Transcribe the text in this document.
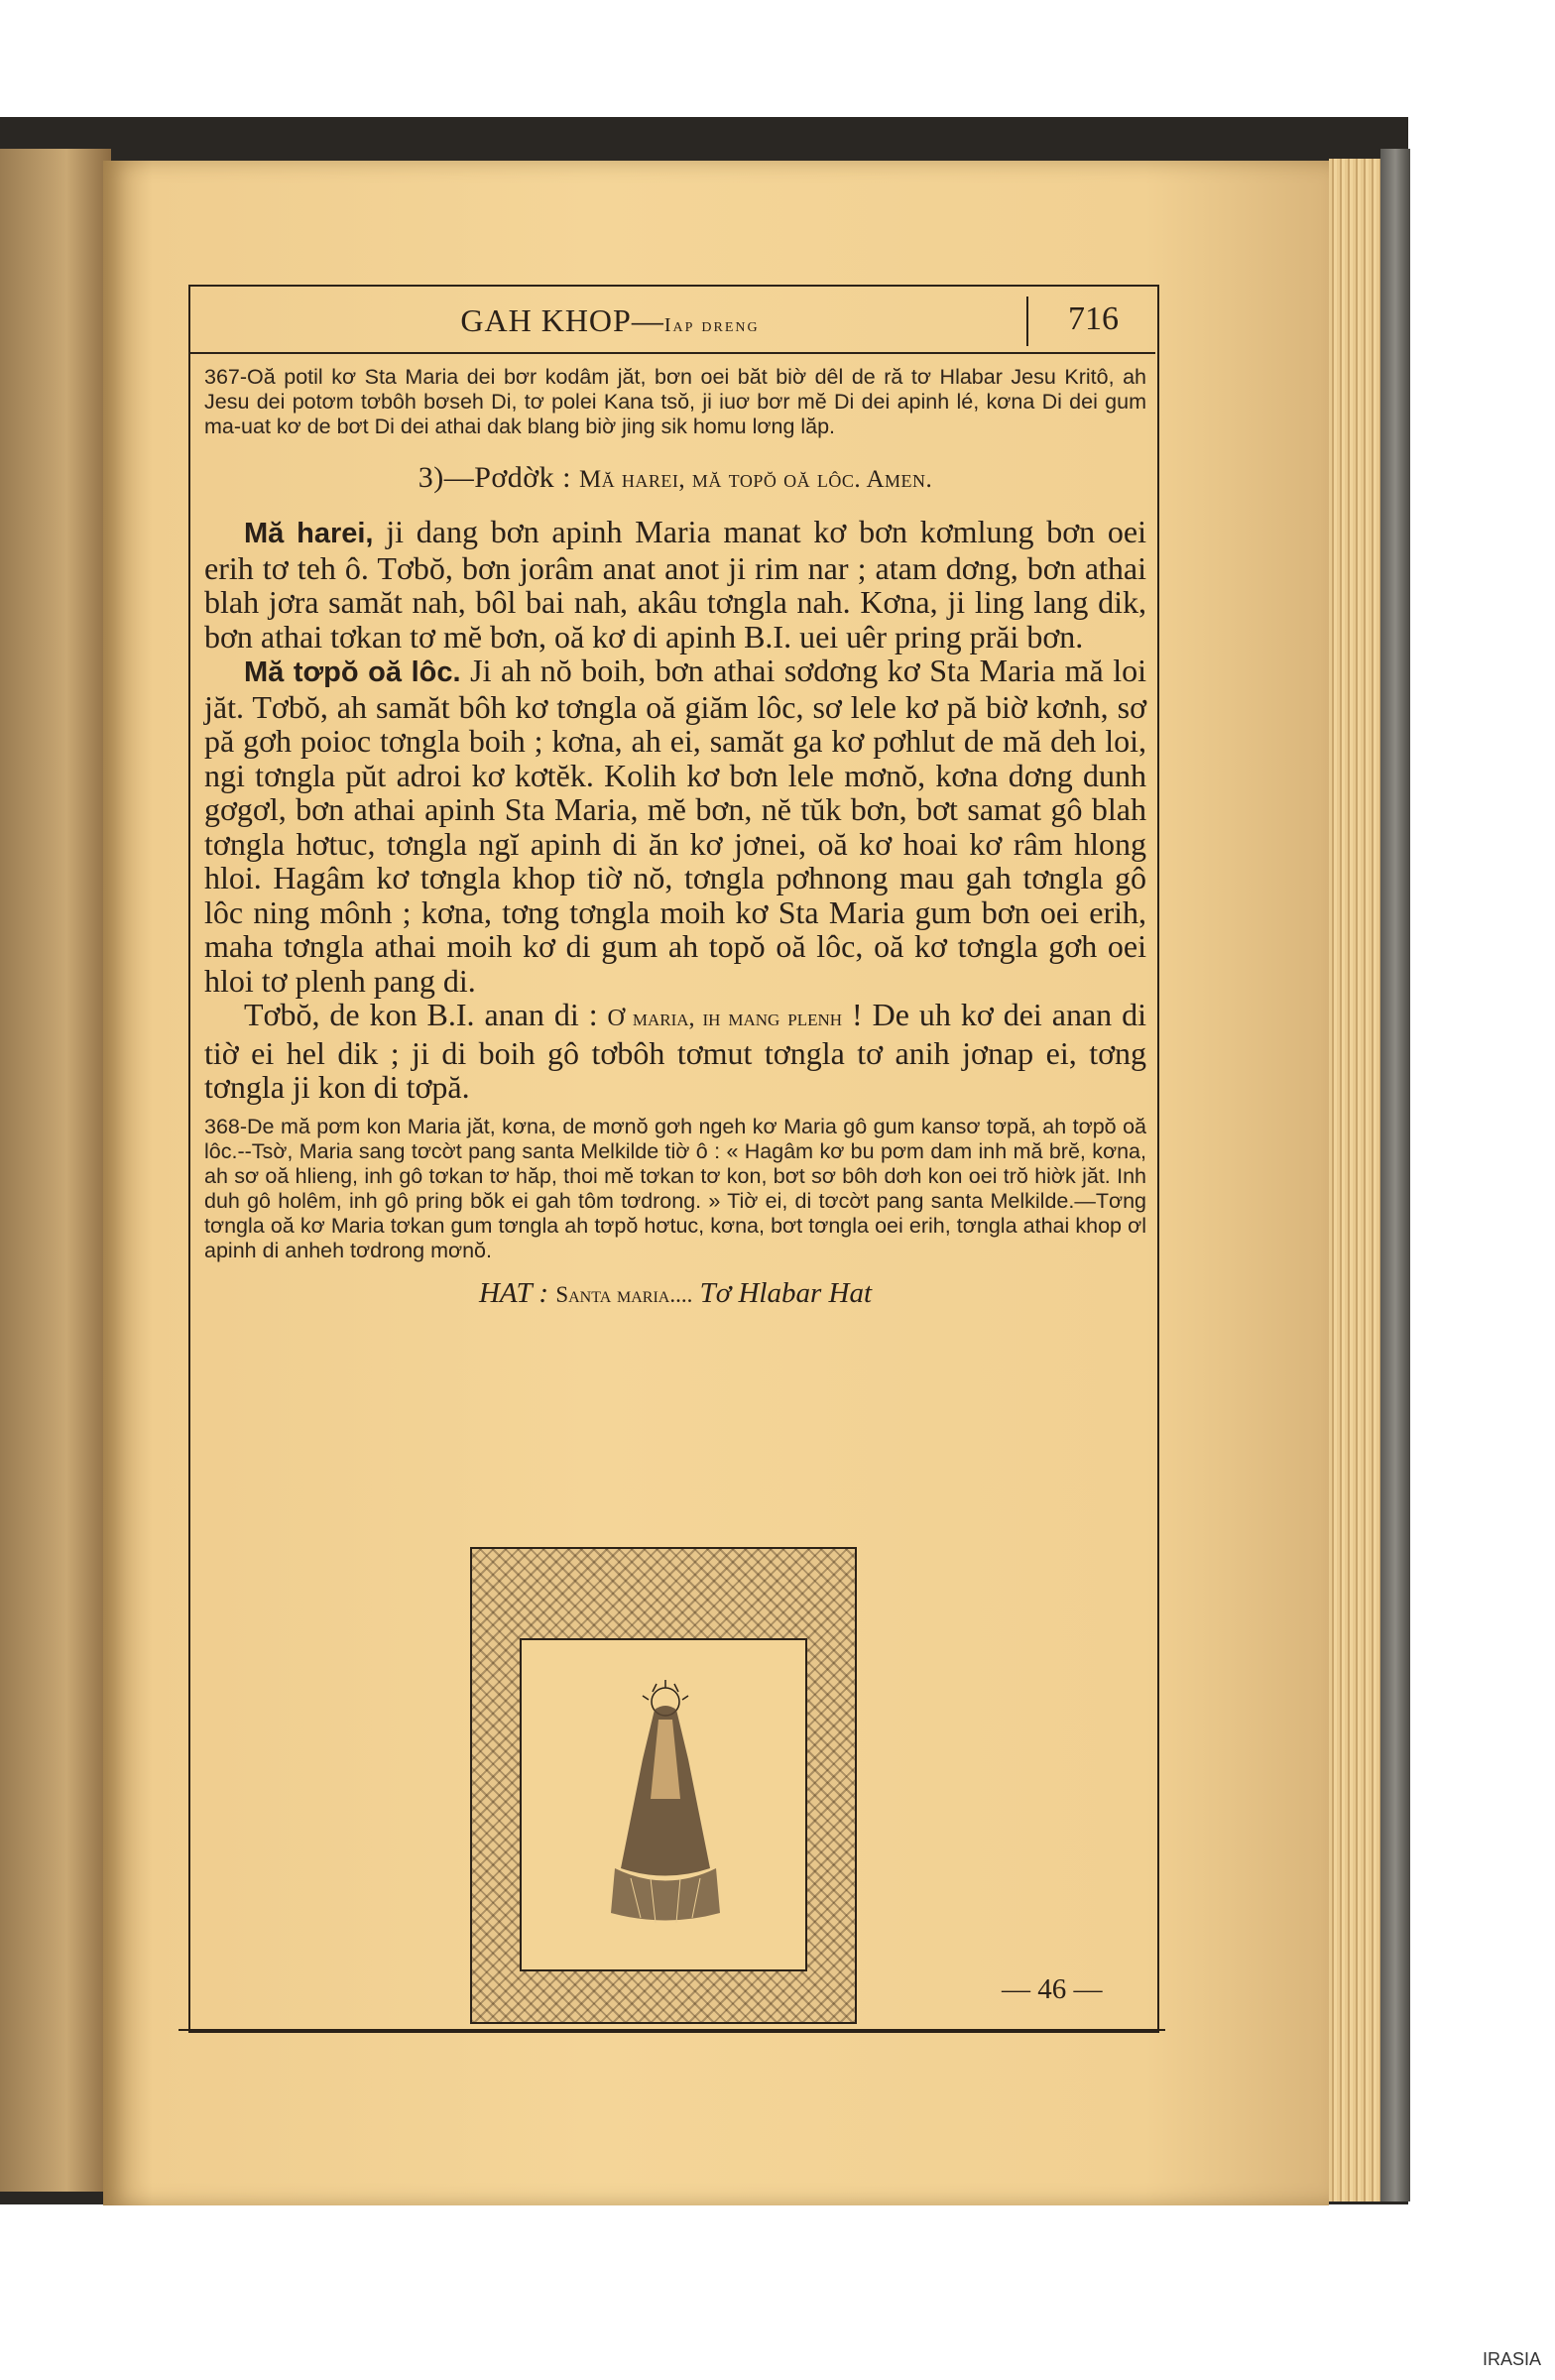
GAH KHOP—Iap dreng	716

367-Oă potil kơ Sta Maria dei bơr kodâm jăt, bơn oei băt biờ dêl de ră tơ Hlabar Jesu Kritô, ah Jesu dei potơm tơbôh bơseh Di, tơ polei Kana tsŏ, ji iuơ bơr mĕ Di dei apinh lé, kơna Di dei gum ma-uat kơ de bơt Di dei athai dak blang biờ jing sik homu lơng lăp.

3)—Pơdờk : Mă harei, mă topŏ oă lôc. Amen.

Mă harei, ji dang bơn apinh Maria manat kơ bơn kơmlung bơn oei erih tơ teh ô. Tơbŏ, bơn jorâm anat anot ji rim nar ; atam dơng, bơn athai blah jơra samăt nah, bôl bai nah, akâu tơngla nah. Kơna, ji ling lang dik, bơn athai tơkan tơ mĕ bơn, oă kơ di apinh B.I. uei uêr pring prăi bơn.

Mă tơpŏ oă lôc. Ji ah nŏ boih, bơn athai sơdơng kơ Sta Maria mă loi jăt. Tơbŏ, ah samăt bôh kơ tơngla oă giăm lôc, sơ lele kơ pă biờ kơnh, sơ pă gơh poioc tơngla boih ; kơna, ah ei, samăt ga kơ pơhlut de mă deh loi, ngi tơngla pŭt adroi kơ kơtĕk. Kolih kơ bơn lele mơnŏ, kơna dơng dunh gơgơl, bơn athai apinh Sta Maria, mĕ bơn, nĕ tŭk bơn, bơt samat gô blah tơngla hơtuc, tơngla ngĭ apinh di ăn kơ jơnei, oă kơ hoai kơ râm hlong hloi. Hagâm kơ tơngla khop tiờ nŏ, tơngla pơhnong mau gah tơngla gô lôc ning mônh ; kơna, tơng tơngla moih kơ Sta Maria gum bơn oei erih, maha tơngla athai moih kơ di gum ah topŏ oă lôc, oă kơ tơngla gơh oei hloi tơ plenh pang di.

Tơbŏ, de kon B.I. anan di : Ơ maria, ih mang plenh ! De uh kơ dei anan di tiờ ei hel dik ; ji di boih gô tơbôh tơmut tơngla tơ anih jơnap ei, tơng tơngla ji kon di tơpă.

368-De mă pơm kon Maria jăt, kơna, de mơnŏ gơh ngeh kơ Maria gô gum kansơ tơpă, ah tơpŏ oă lôc.--Tsờ, Maria sang tơcờt pang santa Melkilde tiờ ô : « Hagâm kơ bu pơm dam inh mă brĕ, kơna, ah sơ oă hlieng, inh gô tơkan tơ hăp, thoi mĕ tơkan tơ kon, bơt sơ bôh dơh kon oei trŏ hiờk jăt. Inh duh gô holêm, inh gô pring bŏk ei gah tôm tơdrong. » Tiờ ei, di tơcờt pang santa Melkilde.—Tơng tơngla oă kơ Maria tơkan gum tơngla ah tơpŏ hơtuc, kơna, bơt tơngla oei erih, tơngla athai khop ơl apinh di anheh tơdrong mơnŏ.

HAT : Santa maria.... Tơ Hlabar Hat
— 46 —
IRASIA
